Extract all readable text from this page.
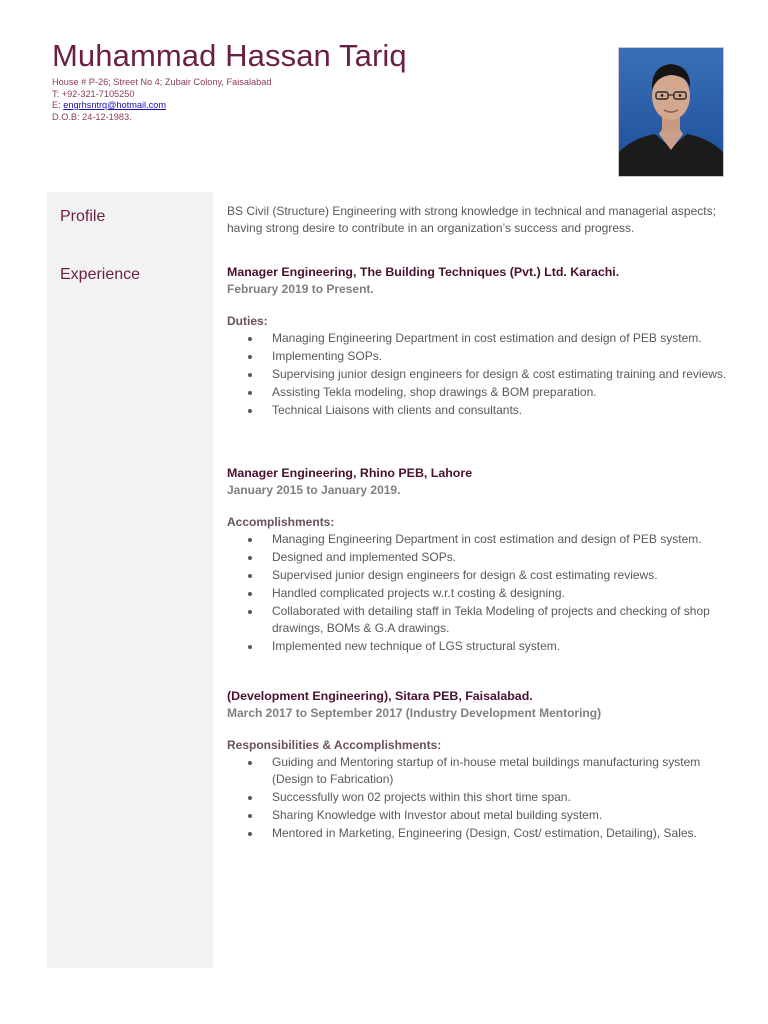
Muhammad Hassan Tariq
House # P-26; Street No 4; Zubair Colony, Faisalabad
T: +92-321-7105250
E: engrhsntrq@hotmail.com
D.O.B: 24-12-1983.
Profile
Experience

BS Civil (Structure) Engineering with strong knowledge in technical and managerial aspects; having strong desire to contribute in an organization’s success and progress.

Manager Engineering, The Building Techniques (Pvt.) Ltd. Karachi.

February 2019 to Present.

Duties:

Managing Engineering Department in cost estimation and design of PEB system.
Implementing SOPs.
Supervising junior design engineers for design & cost estimating training and reviews.
Assisting Tekla modeling, shop drawings & BOM preparation.
Technical Liaisons with clients and consultants.

Manager Engineering, Rhino PEB, Lahore

January 2015 to January 2019.

Accomplishments:

Managing Engineering Department in cost estimation and design of PEB system.
Designed and implemented SOPs.
Supervised junior design engineers for design & cost estimating reviews.
Handled complicated projects w.r.t costing & designing.
Collaborated with detailing staff in Tekla Modeling of projects and checking of shop drawings, BOMs & G.A drawings.
Implemented new technique of LGS structural system.

(Development Engineering), Sitara PEB, Faisalabad.

March 2017 to September 2017 (Industry Development Mentoring)

Responsibilities & Accomplishments:

Guiding and Mentoring startup of in-house metal buildings manufacturing system (Design to Fabrication)
Successfully won 02 projects within this short time span.
Sharing Knowledge with Investor about metal building system.
Mentored in Marketing, Engineering (Design, Cost/ estimation, Detailing), Sales.
